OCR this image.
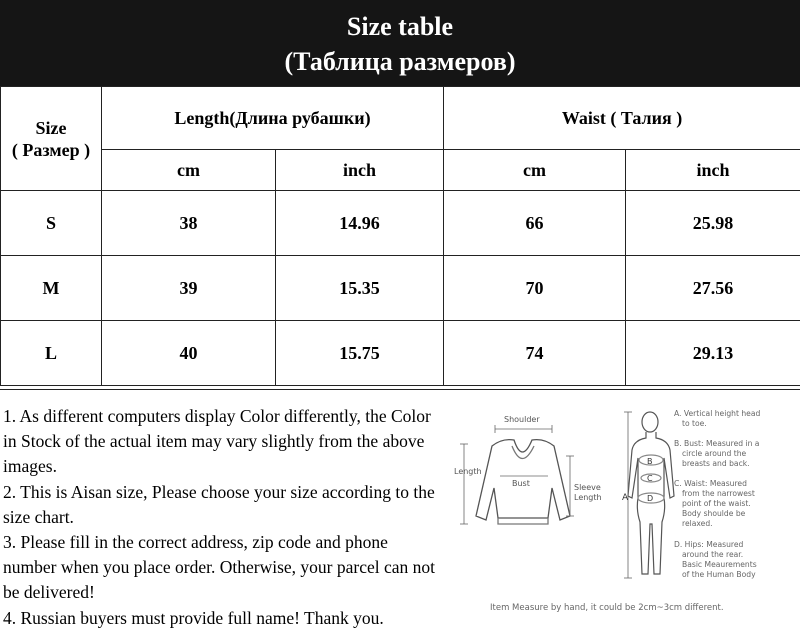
Size table
(Таблица размеров)
Size
( Размер )	Length(Длина рубашки)		Waist ( Талия )	
	cm	inch	cm	inch
S	38	14.96	66	25.98
M	39	15.35	70	27.56
L	40	15.75	74	29.13

1. As different computers display Color differently, the Color in Stock of the actual item may vary slightly from the above images.

2. This is Aisan size, Please choose your size according to the size chart.

3. Please fill in the correct address, zip code and phone number when you place order. Otherwise, your parcel can not be delivered!

4. Russian buyers must provide full name! Thank you.

Shoulder
Length
Bust	Sleeve
Length A
B
C
D
A. Vertical height head
to toe.
B. Bust: Measured in a
circle around the
breasts and back.
C. Waist: Measured
from the narrowest
point of the waist.
Body shoulde be
relaxed.
D. Hips: Measured
around the rear.
Basic Meaurements
of the Human Body
Item Measure by hand, it could be 2cm~3cm different.
